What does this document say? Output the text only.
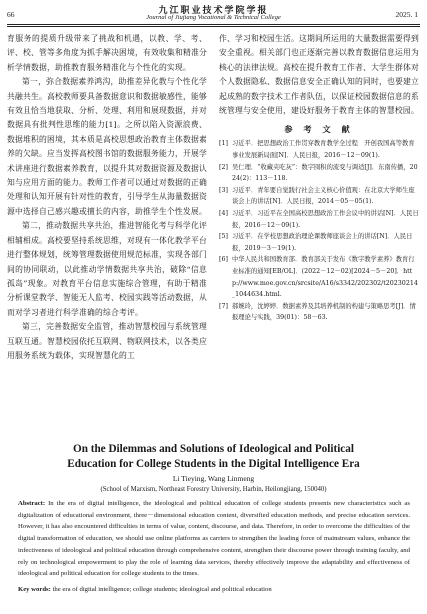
66	九江职业技术学院学报
Journal of Jiujiang Vocational & Technical College	2025. 1

育服务的提质升级带来了挑战和机遇，以教、学、考、评、校、管等多角度为抓手解决困境，有效收集和精准分析学情数据，助推教育服务精准化与个性化的实现。

第一，弥合数据素养鸿沟，助推差异化教与个性化学共融共生。高校教师要具备数据意识和数据敏感性，能够有效且恰当地获取、分析、处理、利用和展现数据，并对数据具有批判性思维的能力[1]。之所以陷入资源浪费、数据堆积的困境，其本质是高校思想政治教育主体数据素养的欠缺。应当发挥高校图书馆的数据服务能力，开展学术讲座进行数据素养教育，以提升其对数据资源及数据认知与应用方面的能力。教师工作者可以通过对数据的正确处理和认知开展有针对性的教育，引导学生从海量数据资源中选择自己感兴趣或擅长的内容，助推学生个性发展。

第二，推动数据共享共治，推进智能化考与科学化评相辅相成。高校要坚持系统思维，对现有一体化教学平台进行整体规划，统筹管理数据使用规范标准，实现各部门间的协同联动，以此推动学情数据共享共治，破除“信息孤岛”现象。对教育平台信息实施综合管理，有助于精准分析课堂教学、智能无人监考、校园实践等活动数据，从而对学习者进行科学准确的综合考评。

第三，完善数据安全监管，推动智慧校园与系统管理互联互通。智慧校园依托互联网、物联网技术，以各类应用服务系统为载体，实现智慧化的工

作、学习和校园生活。这期间所运用的大量数据需要得到安全重视。相关部门也正逐渐完善以教育数据信息运用为核心的法律法规。高校在提升教育工作者、大学生群体对个人数据隐私、数据信息安全正确认知的同时，也要建立起成熟的数字技术工作者队伍，以保证校园数据信息的系统管理与安全使用，建设好服务于教育主体的智慧校园。

参 考 文 献
[1] 习近平．把思想政治工作贯穿教育教学全过程　开创我国高等教育事业发展新局面[N]．人民日报，2016－12－09(1).
[2] 吴仁理．“收藏夹吃灰”：数字囤积的流变与调适[J]．东南传播，2024(2)：113－118.
[3] 习近平．青年要自觉践行社会主义核心价值观：在北京大学师生座谈会上的讲话[N]．人民日报，2014－05－05(1).
[4] 习近平．习近平在全国高校思想政治工作会议中的讲话[N]．人民日报，2016－12－09(1).
[5] 习近平．在学校思想政治理论课教师座谈会上的讲话[N]．人民日报，2019－3－19(1).
[6] 中华人民共和国教育部．教育部关于发布《数字教学素养》教育行业标准的通知[EB/OL]．(2022－12－02)[2024－5－20]．http://www.moe.gov.cn/srcsite/A16/s3342/202302/t20230214_1044634.html.
[7] 郝婉玲，沈婷婷．数据素养及其培养机制的构建与策略思考[J]．情报理论与实践，39(01)：58－63.
On the Dilemmas and Solutions of Ideological and Political
Education for College Students in the Digital Intelligence Era
Li Tieying, Wang Linmeng
(School of Marxism, Northeast Forestry University, Harbin, Heilongjiang, 150040)
Abstract: In the era of digital intelligence, the ideological and political education of college students presents new characteristics such as digitalization of educational environment, three－dimensional education content, diversified education methods, and precise education services. However, it has also encountered difficulties in terms of value, content, discourse, and data. Therefore, in order to overcome the difficulties of the digital transformation of education, we should use online platforms as carriers to strengthen the leading force of mainstream values, enhance the infectiveness of ideological and political education through comprehensive content, strengthen their discourse power through training faculty, and rely on technological empowerment to play the role of learning data services, thereby effectively improve the adaptability and effectiveness of ideological and political education for college students to the times.
Key words: the era of digital intelligence; college students; ideological and political education
